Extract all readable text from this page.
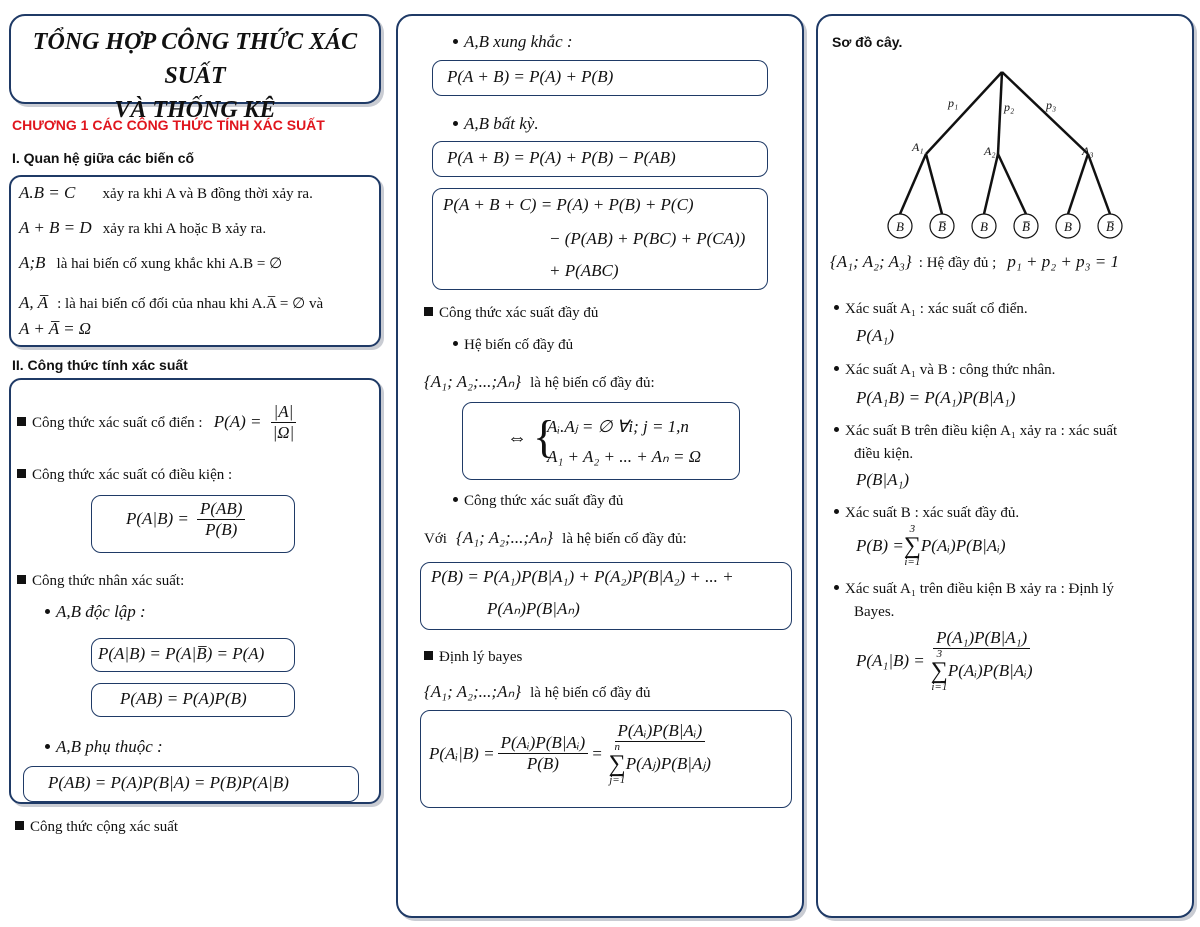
TỔNG HỢP CÔNG THỨC XÁC SUẤT
VÀ THỐNG KÊ
CHƯƠNG 1 CÁC CÔNG THỨC TÍNH XÁC SUẤT
I. Quan hệ giữa các biến cố
A.B = C xảy ra khi A và B đồng thời xảy ra.
A + B = D xảy ra khi A hoặc B xảy ra.
A;B là hai biến cố xung khắc khi A.B = ∅
A, A̅ : là hai biến cố đối của nhau khi A.A̅ = ∅ và
A + A̅ = Ω
II. Công thức tính xác suất
Công thức xác suất cổ điển : $P(A) = \frac{|A|}{|\Omega|}$
Công thức xác suất có điều kiện :
$P(A|B) = \frac{P(AB)}{P(B)}$
Công thức nhân xác suất:
A,B độc lập :
P(A|B) = P(A|B̅) = P(A)
P(AB) = P(A)P(B)
A,B phụ thuộc :
P(AB) = P(A)P(B|A) = P(B)P(A|B)
Công thức cộng xác suất
A,B xung khắc :
P(A + B) = P(A) + P(B)
A,B bất kỳ.
P(A + B) = P(A) + P(B) − P(AB)
P(A + B + C) = P(A) + P(B) + P(C)
− (P(AB) + P(BC) + P(CA))
+ P(ABC)
Công thức xác suất đầy đủ
Hệ biến cố đầy đủ
{A₁; A₂;...;Aₙ} là hệ biến cố đầy đủ:
⇔ {
Aᵢ.Aⱼ = ∅ ∀i; j = 1,n
A₁ + A₂ + ... + Aₙ = Ω
Công thức xác suất đầy đủ
Với {A₁; A₂;...;Aₙ} là hệ biến cố đầy đủ:
P(B) = P(A₁)P(B|A₁) + P(A₂)P(B|A₂) + ... +
P(Aₙ)P(B|Aₙ)
Định lý bayes
{A₁; A₂;...;Aₙ} là hệ biến cố đầy đủ
P(Aᵢ|B) = $\frac{\text{P(Aᵢ)P(B|Aᵢ)}}{P(B)}$ =
P(Aᵢ)P(B|Aᵢ)
n
∑
j=1
P(Aⱼ)P(B|Aⱼ)
Sơ đồ cây.
p₁	p₂	p₃
A₁	A₂	A₃
B	B̅	B	B̅	B	B̅
{A₁; A₂; A₃} : Hệ đầy đủ ; p₁ + p₂ + p₃ = 1
Xác suất A₁ : xác suất cổ điển.
P(A₁)
Xác suất A₁ và B : công thức nhân.
P(A₁B) = P(A₁)P(B|A₁)
Xác suất B trên điều kiện A₁ xảy ra : xác suất
điều kiện.
P(B|A₁)
Xác suất B : xác suất đầy đủ.
P(B) =
3
∑
i=1
P(Aᵢ)P(B|Aᵢ)
Xác suất A₁ trên điều kiện B xảy ra : Định lý
Bayes.
P(A₁|B) = P(A₁)P(B|A₁)
3
∑
i=1
P(Aᵢ)P(B|Aᵢ)
